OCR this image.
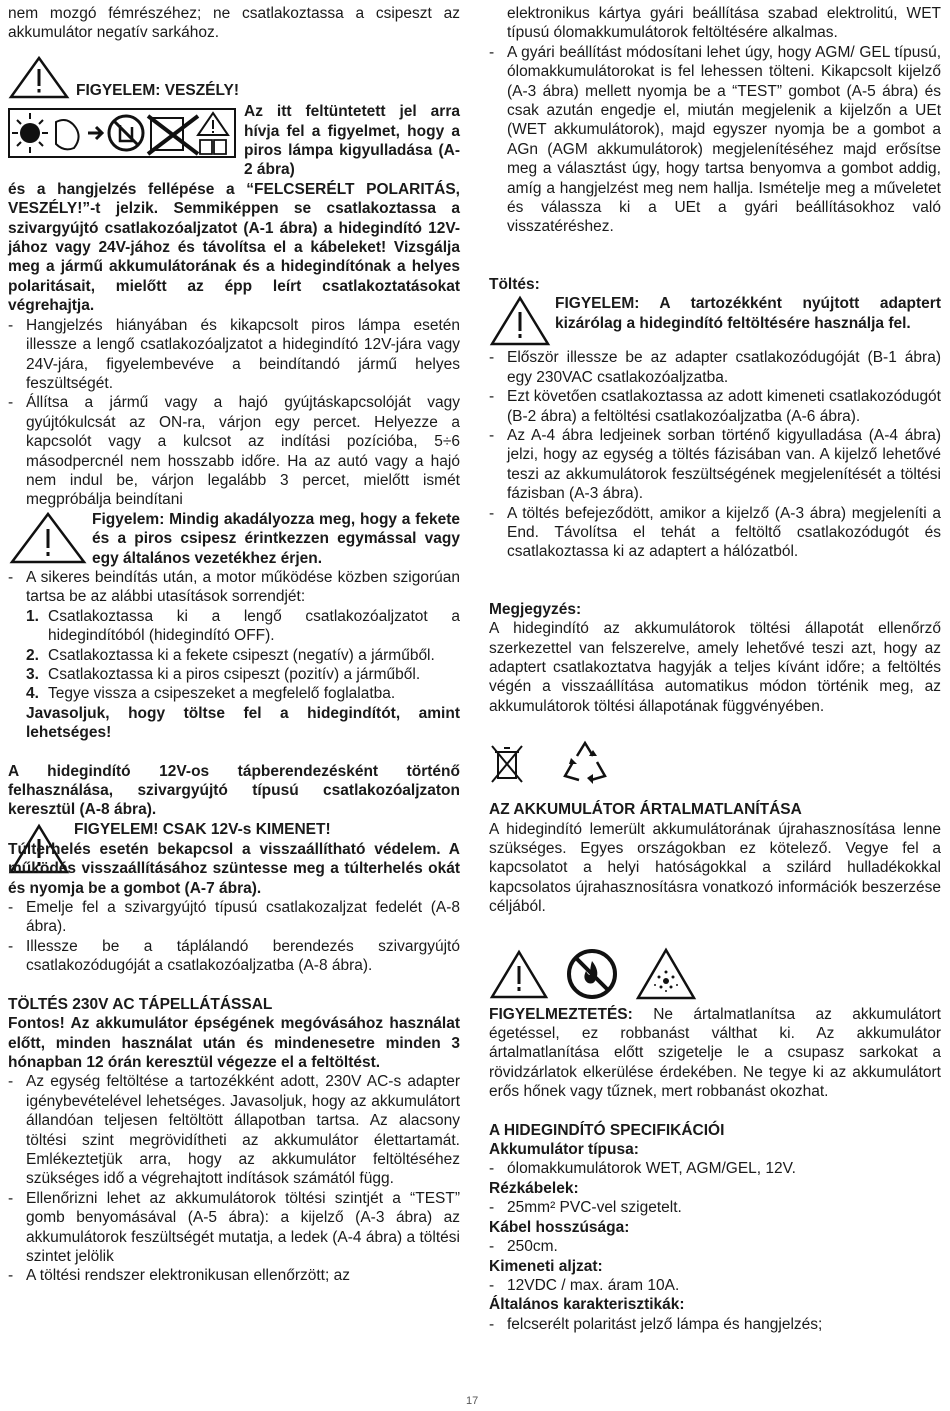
nem mozgó fémrészéhez; ne csatlakoztassa a csipeszt az akkumulátor negatív sarkához.

FIGYELEM: VESZÉLY!

Az itt feltüntetett jel arra hívja fel a figyelmet, hogy a piros lámpa kigyulladása (A-2 ábra)

és a hangjelzés fellépése a “FELCSERÉLT POLARITÁS, VESZÉLY!”-t jelzik. Semmiképpen se csatlakoztassa a szivargyújtó csatlakozóaljzatot (A-1 ábra) a hidegindító 12V-jához vagy 24V-jához és távolítsa el a kábeleket! Vizsgálja meg a jármű akkumulátorának és a hidegindítónak a helyes polaritásait, mielőtt az épp leírt csatlakoztatásokat végrehajtja.

- Hangjelzés hiányában és kikapcsolt piros lámpa esetén illessze a lengő csatlakozóaljzatot a hidegindító 12V-jára vagy 24V-jára, figyelembevéve a beindítandó jármű helyes feszültségét.
- Állítsa a jármű vagy a hajó gyújtáskapcsolóját vagy gyújtókulcsát az ON-ra, várjon egy percet. Helyezze a kapcsolót vagy a kulcsot az indítási pozícióba, 5÷6 másodpercnél nem hosszabb időre. Ha az autó vagy a hajó nem indul be, várjon legalább 3 percet, mielőtt ismét megpróbálja beindítani

Figyelem: Mindig akadályozza meg, hogy a fekete és a piros csipesz érintkezzen egymással vagy egy általános vezetékhez érjen.

- A sikeres beindítás után, a motor működése közben szigorúan tartsa be az alábbi utasítások sorrendjét:
1. Csatlakoztassa ki a lengő csatlakozóaljzatot a hidegindítóból (hidegindító OFF).
2. Csatlakoztassa ki a fekete csipeszt (negatív) a járműből.
3. Csatlakoztassa ki a piros csipeszt (pozitív) a járműből.
4. Tegye vissza a csipeszeket a megfelelő foglalatba.

Javasoljuk, hogy töltse fel a hidegindítót, amint lehetséges!

A hidegindító 12V-os tápberendezésként történő felhasználása, szivargyújtó típusú csatlakozóaljzaton keresztül (A-8 ábra).

FIGYELEM! CSAK 12V-s KIMENET!

Túlterhelés esetén bekapcsol a visszaállítható védelem. A működés visszaállításához szüntesse meg a túlterhelés okát és nyomja be a gombot (A-7 ábra).

- Emelje fel a szivargyújtó típusú csatlakozaljzat fedelét (A-8 ábra).
- Illessze be a táplálandó berendezés szivargyújtó csatlakozódugóját a csatlakozóaljzatba (A-8 ábra).

TÖLTÉS 230V AC TÁPELLÁTÁSSAL

Fontos! Az akkumulátor épségének megóvásához használat előtt, minden használat után és mindenesetre minden 3 hónapban 12 órán keresztül végezze el a feltöltést.

- Az egység feltöltése a tartozékként adott, 230V AC-s adapter igénybevételével lehetséges. Javasoljuk, hogy az akkumulátort állandóan teljesen feltöltött állapotban tartsa. Az alacsony töltési szint megrövidítheti az akkumulátor élettartamát. Emlékeztetjük arra, hogy az akkumulátor feltöltéséhez szükséges idő a végrehajtott indítások számától függ.
- Ellenőrizni lehet az akkumulátorok töltési szintjét a “TEST” gomb benyomásával (A-5 ábra): a kijelző (A-3 ábra) az akkumulátorok feszültségét mutatja, a ledek (A-4 ábra) a töltési szintet jelölik
- A töltési rendszer elektronikusan ellenőrzött; az

elektronikus kártya gyári beállítása szabad elektrolitú, WET típusú ólomakkumulátorok feltöltésére alkalmas.

- A gyári beállítást módosítani lehet úgy, hogy AGM/ GEL típusú, ólomakkumulátorokat is fel lehessen tölteni. Kikapcsolt kijelző (A-3 ábra) mellett nyomja be a “TEST” gombot (A-5 ábra) és csak azután engedje el, miután megjelenik a kijelzőn a UEt (WET akkumulátorok), majd egyszer nyomja be a gombot a AGn (AGM akkumulátorok) megjelenítéséhez majd erősítse meg a választást úgy, hogy tartsa benyomva a gombot addig, amíg a hangjelzést meg nem hallja. Ismételje meg a műveletet és válassza ki a UEt a gyári beállításokhoz való visszatéréshez.

Töltés:

FIGYELEM: A tartozékként nyújtott adaptert kizárólag a hidegindító feltöltésére használja fel.

- Először illessze be az adapter csatlakozódugóját (B-1 ábra) egy 230VAC csatlakozóaljzatba.
- Ezt követően csatlakoztassa az adott kimeneti csatlakozódugót (B-2 ábra) a feltöltési csatlakozóaljzatba (A-6 ábra).
- Az A-4 ábra ledjeinek sorban történő kigyulladása (A-4 ábra) jelzi, hogy az egység a töltés fázisában van. A kijelző lehetővé teszi az akkumulátorok feszültségének megjelenítését a töltési fázisban (A-3 ábra).
- A töltés befejeződött, amikor a kijelző (A-3 ábra) megjeleníti a End. Távolítsa el tehát a feltöltő csatlakozódugót és csatlakoztassa ki az adaptert a hálózatból.

Megjegyzés:

A hidegindító az akkumulátorok töltési állapotát ellenőrző szerkezettel van felszerelve, amely lehetővé teszi azt, hogy az adaptert csatlakoztatva hagyják a teljes kívánt időre; a feltöltés végén a visszaállítása automatikus módon történik meg, az akkumulátorok töltési állapotának függvényében.

AZ AKKUMULÁTOR ÁRTALMATLANÍTÁSA

A hidegindító lemerült akkumulátorának újrahasznosítása lenne szükséges. Egyes országokban ez kötelező. Vegye fel a kapcsolatot a helyi hatóságokkal a szilárd hulladékokkal kapcsolatos újrahasznosításra vonatkozó információk beszerzése céljából.

FIGYELMEZTETÉS: Ne ártalmatlanítsa az akkumulátort égetéssel, ez robbanást válthat ki. Az akkumulátor ártalmatlanítása előtt szigetelje le a csupasz sarkokat a rövidzárlatok elkerülése érdekében. Ne tegye ki az akkumulátort erős hőnek vagy tűznek, mert robbanást okozhat.

A HIDEGINDÍTÓ SPECIFIKÁCIÓI

Akkumulátor típusa:

- ólomakkumulátorok WET, AGM/GEL, 12V.

Rézkábelek:

- 25mm² PVC-vel szigetelt.

Kábel hosszúsága:

- 250cm.

Kimeneti aljzat:

- 12VDC / max. áram 10A.

Általános karakterisztikák:

- felcserélt polaritást jelző lámpa és hangjelzés;
17
